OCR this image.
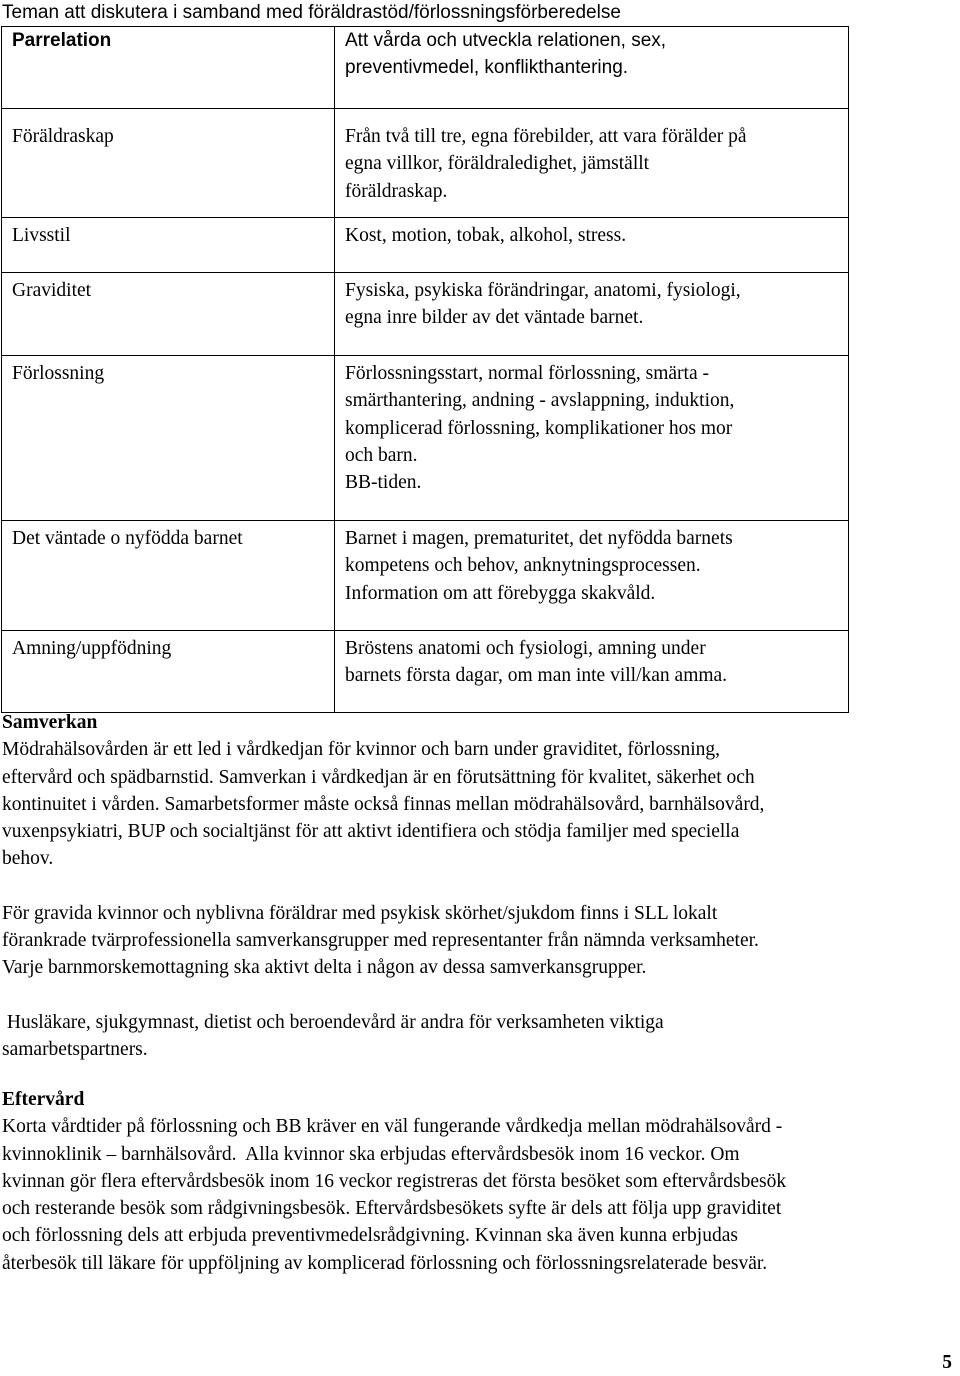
Teman att diskutera i samband med föräldrastöd/förlossningsförberedelse
Parrelation	Att vårda och utveckla relationen, sex,
preventivmedel, konflikthantering.

Föräldraskap	Från två till tre, egna förebilder, att vara förälder på
egna villkor, föräldraledighet, jämställt
föräldraskap.

Livsstil	Kost, motion, tobak, alkohol, stress.

Graviditet	Fysiska, psykiska förändringar, anatomi, fysiologi,
egna inre bilder av det väntade barnet.

Förlossning	Förlossningsstart, normal förlossning, smärta -
smärthantering, andning - avslappning, induktion,
komplicerad förlossning, komplikationer hos mor
och barn.
BB-tiden.

Det väntade o nyfödda barnet	Barnet i magen, prematuritet, det nyfödda barnets
kompetens och behov, anknytningsprocessen.
Information om att förebygga skakvåld.

Amning/uppfödning	Bröstens anatomi och fysiologi, amning under
barnets första dagar, om man inte vill/kan amma.
Samverkan

Mödrahälsovården är ett led i vårdkedjan för kvinnor och barn under graviditet, förlossning,
eftervård och spädbarnstid. Samverkan i vårdkedjan är en förutsättning för kvalitet, säkerhet och
kontinuitet i vården. Samarbetsformer måste också finnas mellan mödrahälsovård, barnhälsovård,
vuxenpsykiatri, BUP och socialtjänst för att aktivt identifiera och stödja familjer med speciella
behov.

För gravida kvinnor och nyblivna föräldrar med psykisk skörhet/sjukdom finns i SLL lokalt
förankrade tvärprofessionella samverkansgrupper med representanter från nämnda verksamheter.
Varje barnmorskemottagning ska aktivt delta i någon av dessa samverkansgrupper.

Husläkare, sjukgymnast, dietist och beroendevård är andra för verksamheten viktiga
samarbetspartners.

Eftervård

Korta vårdtider på förlossning och BB kräver en väl fungerande vårdkedja mellan mödrahälsovård -
kvinnoklinik – barnhälsovård.  Alla kvinnor ska erbjudas eftervårdsbesök inom 16 veckor. Om
kvinnan gör flera eftervårdsbesök inom 16 veckor registreras det första besöket som eftervårdsbesök
och resterande besök som rådgivningsbesök. Eftervårdsbesökets syfte är dels att följa upp graviditet
och förlossning dels att erbjuda preventivmedelsrådgivning. Kvinnan ska även kunna erbjudas
återbesök till läkare för uppföljning av komplicerad förlossning och förlossningsrelaterade besvär.

5
